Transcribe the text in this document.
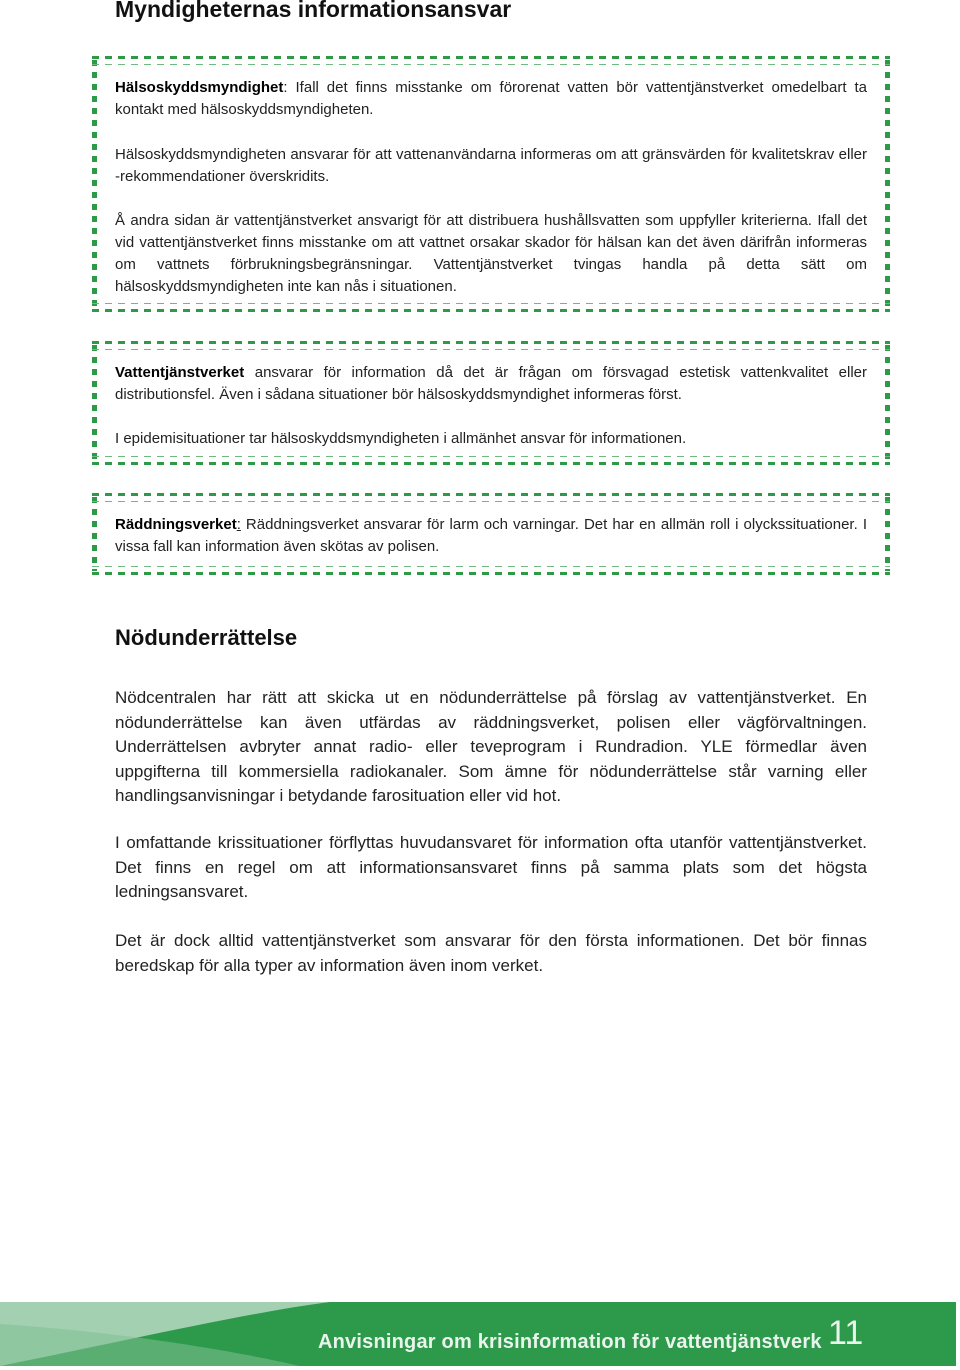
Myndigheternas informationsansvar

Hälsoskyddsmyndighet: Ifall det finns misstanke om förorenat vatten bör vattentjänstverket omedelbart ta kontakt med hälsoskyddsmyndigheten.

Hälsoskyddsmyndigheten ansvarar för att vattenanvändarna informeras om att gränsvärden för kvalitetskrav eller -rekommendationer överskridits.

Å andra sidan är vattentjänstverket ansvarigt för att distribuera hushållsvatten som uppfyller kriterierna. Ifall det vid vattentjänstverket finns misstanke om att vattnet orsakar skador för hälsan kan det även därifrån informeras om vattnets förbrukningsbegränsningar. Vattentjänstverket tvingas handla på detta sätt om hälsoskyddsmyndigheten inte kan nås i situationen.

Vattentjänstverket ansvarar för information då det är frågan om försvagad estetisk vattenkvalitet eller distributionsfel. Även i sådana situationer bör hälsoskyddsmyndighet informeras först.

I epidemisituationer tar hälsoskyddsmyndigheten i allmänhet ansvar för informationen.

Räddningsverket: Räddningsverket ansvarar för larm och varningar. Det har en allmän roll i olyckssituationer. I vissa fall kan information även skötas av polisen.

Nödunderrättelse

Nödcentralen har rätt att skicka ut en nödunderrättelse på förslag av vattentjänstverket. En nödunderrättelse kan även utfärdas av räddningsverket, polisen eller vägförvaltningen. Underrättelsen avbryter annat radio- eller teveprogram i Rundradion. YLE förmedlar även uppgifterna till kommersiella radiokanaler. Som ämne för nödunderrättelse står varning eller handlingsanvisningar i betydande farosituation eller vid hot.

I omfattande krissituationer förflyttas huvudansvaret för information ofta utanför vattentjänstverket. Det finns en regel om att informationsansvaret finns på samma plats som det högsta ledningsansvaret.

Det är dock alltid vattentjänstverket som ansvarar för den första informationen. Det bör finnas beredskap för alla typer av information även inom verket.

Anvisningar om krisinformation för vattentjänstverk 11
